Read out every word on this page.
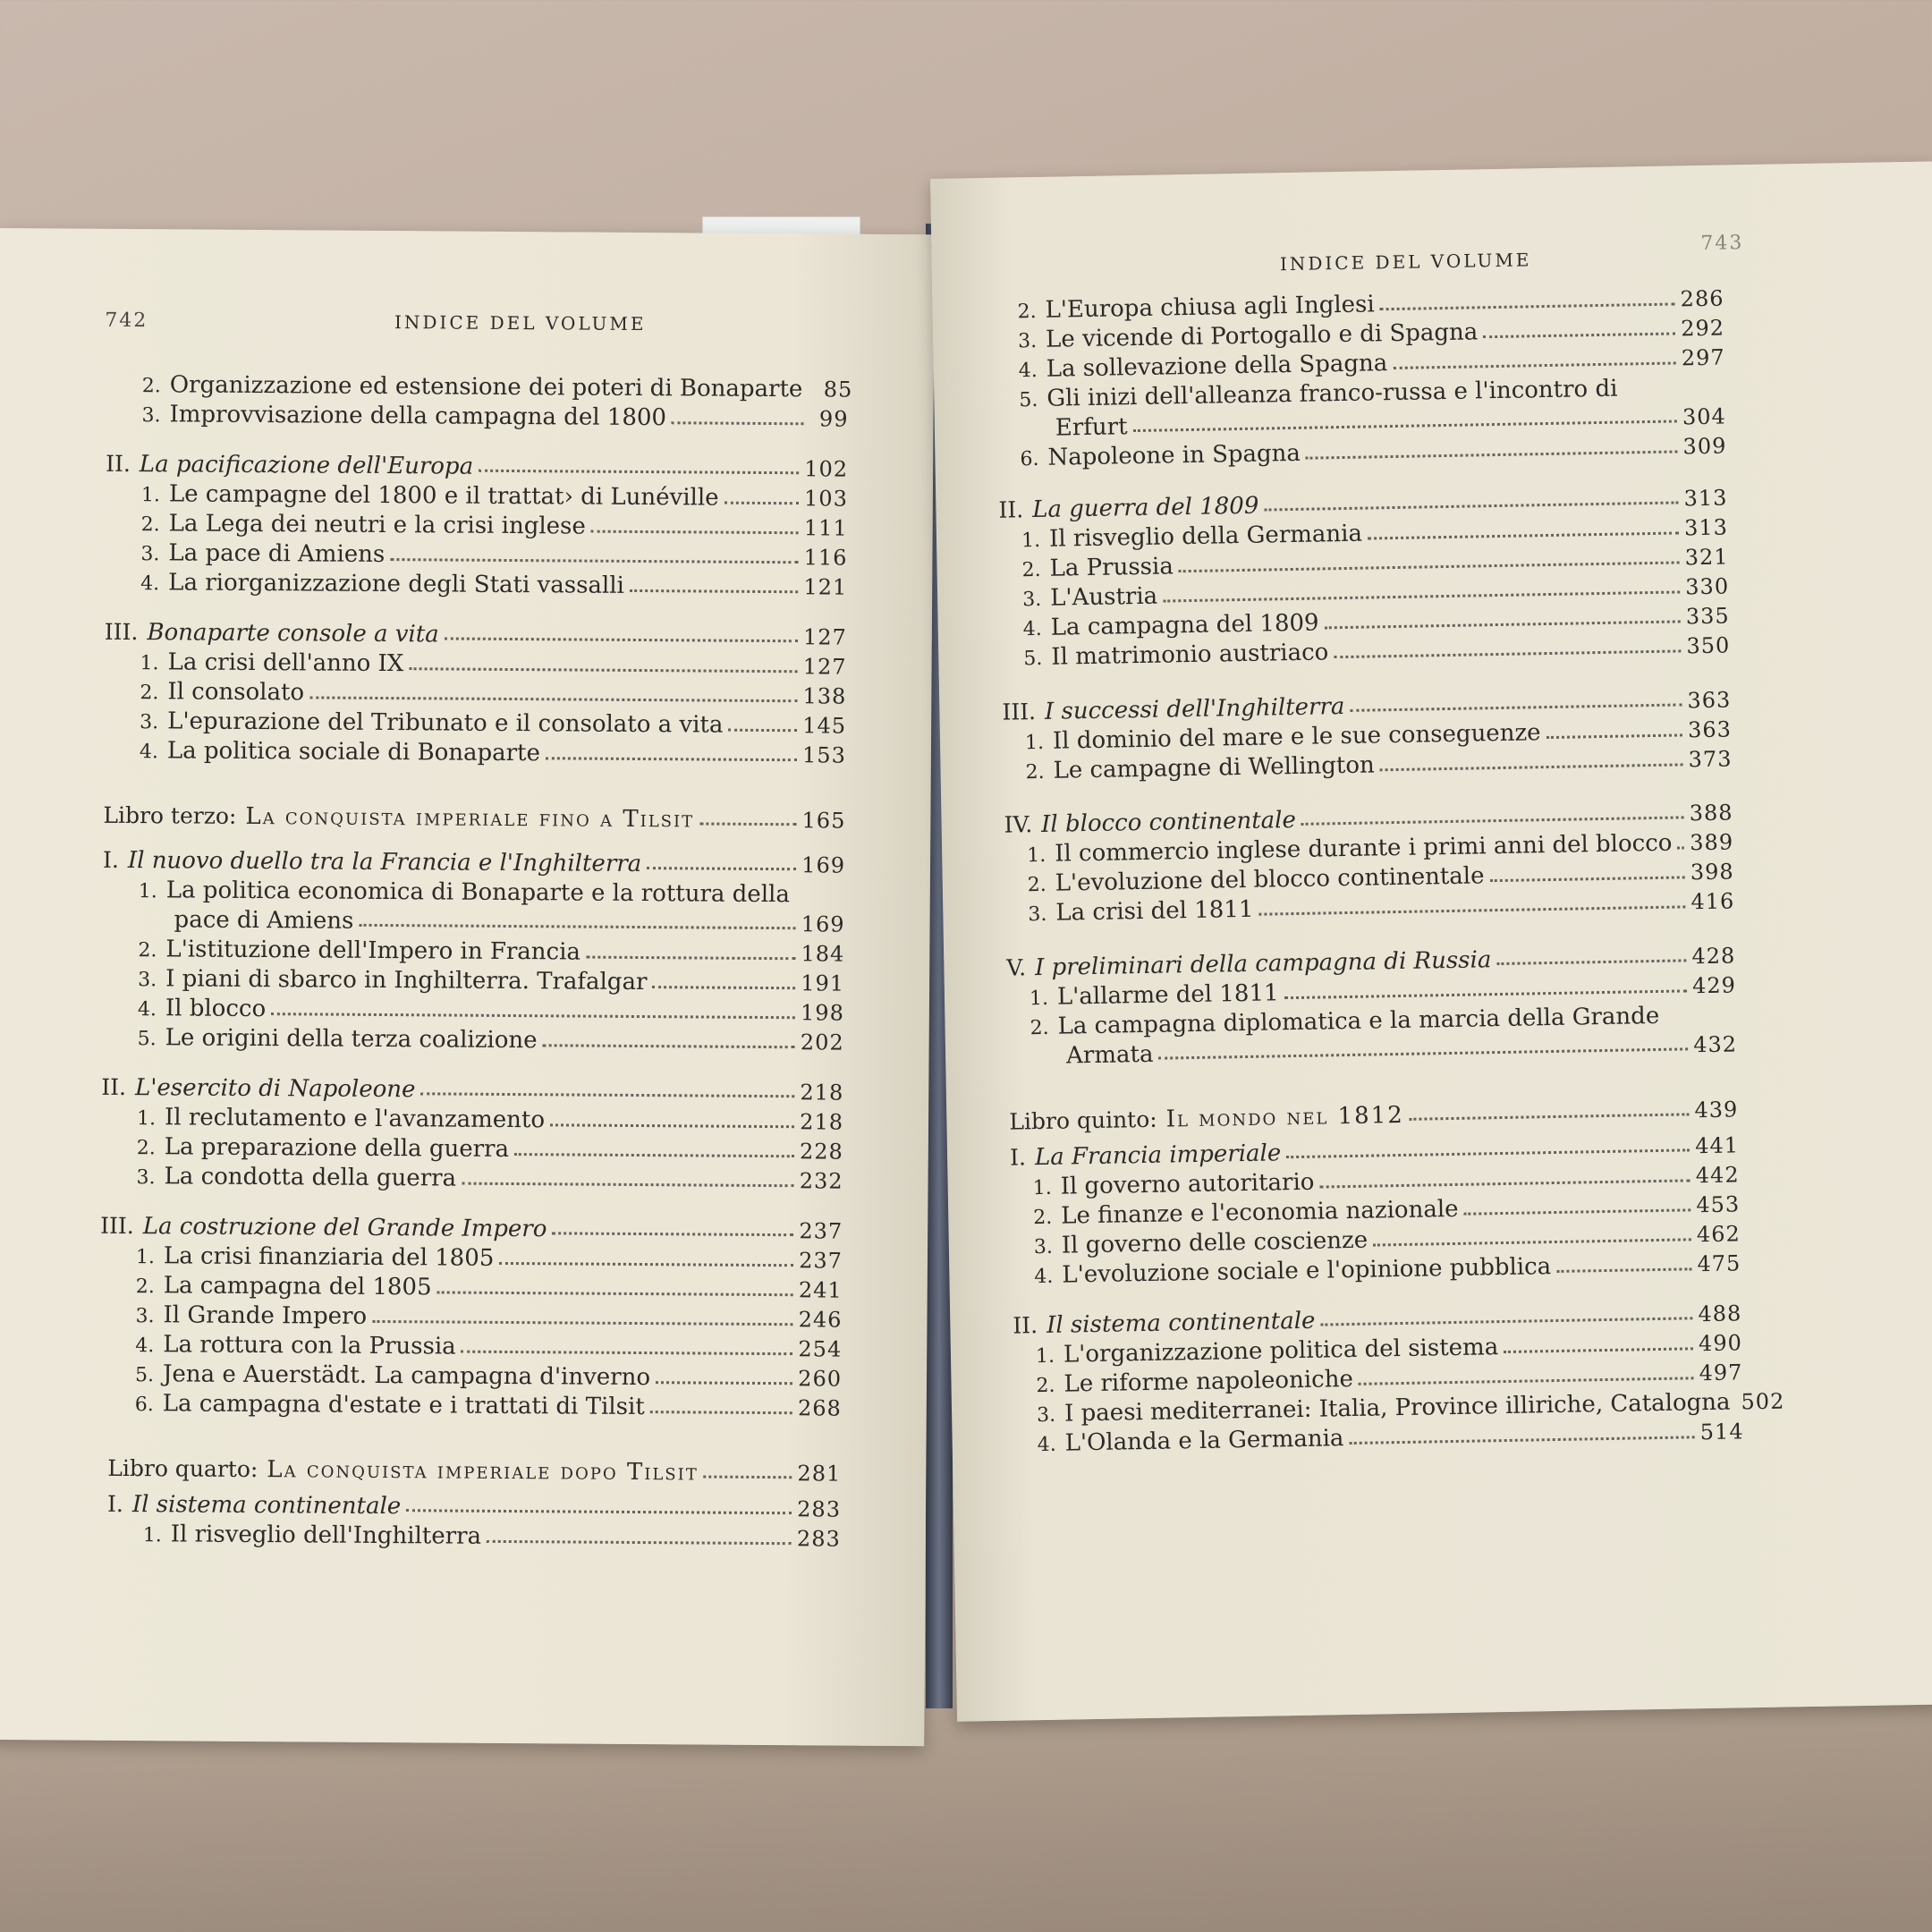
742	INDICE DEL VOLUME
2. Organizzazione ed estensione dei poteri di Bonaparte 85
3. Improvvisazione della campagna del 1800	99
II. La pacificazione dell'Europa	102
1. Le campagne del 1800 e il trattat› di Lunéville	103
2. La Lega dei neutri e la crisi inglese	111
3. La pace di Amiens	116
4. La riorganizzazione degli Stati vassalli	121
III. Bonaparte console a vita	127
1. La crisi dell'anno IX	127
2. Il consolato	138
3. L'epurazione del Tribunato e il consolato a vita	145
4. La politica sociale di Bonaparte	153
Libro terzo: La conquista imperiale fino a Tilsit	165
I. Il nuovo duello tra la Francia e l'Inghilterra	169
1. La politica economica di Bonaparte e la rottura della
pace di Amiens	169
2. L'istituzione dell'Impero in Francia	184
3. I piani di sbarco in Inghilterra. Trafalgar	191
4. Il blocco	198
5. Le origini della terza coalizione	202
II. L'esercito di Napoleone	218
1. Il reclutamento e l'avanzamento	218
2. La preparazione della guerra	228
3. La condotta della guerra	232
III. La costruzione del Grande Impero	237
1. La crisi finanziaria del 1805	237
2. La campagna del 1805	241
3. Il Grande Impero	246
4. La rottura con la Prussia	254
5. Jena e Auerstädt. La campagna d'inverno	260
6. La campagna d'estate e i trattati di Tilsit	268
Libro quarto: La conquista imperiale dopo Tilsit	281
I. Il sistema continentale	283
1. Il risveglio dell'Inghilterra	283
INDICE DEL VOLUME
743
2. L'Europa chiusa agli Inglesi	286
3. Le vicende di Portogallo e di Spagna	292
4. La sollevazione della Spagna	297
5. Gli inizi dell'alleanza franco-russa e l'incontro di
Erfurt	304
6. Napoleone in Spagna	309
II. La guerra del 1809	313
1. Il risveglio della Germania	313
2. La Prussia	321
3. L'Austria	330
4. La campagna del 1809	335
5. Il matrimonio austriaco	350
III. I successi dell'Inghilterra	363
1. Il dominio del mare e le sue conseguenze	363
2. Le campagne di Wellington	373
IV. Il blocco continentale	388
1. Il commercio inglese durante i primi anni del blocco 389
2. L'evoluzione del blocco continentale	398
3. La crisi del 1811	416
V. I preliminari della campagna di Russia	428
1. L'allarme del 1811	429
2. La campagna diplomatica e la marcia della Grande
Armata	432
Libro quinto: Il mondo nel 1812	439
I. La Francia imperiale	441
1. Il governo autoritario	442
2. Le finanze e l'economia nazionale	453
3. Il governo delle coscienze	462
4. L'evoluzione sociale e l'opinione pubblica	475
II. Il sistema continentale	488
1. L'organizzazione politica del sistema	490
2. Le riforme napoleoniche	497
3. I paesi mediterranei: Italia, Province illiriche, Catalogna 502
4. L'Olanda e la Germania	514
